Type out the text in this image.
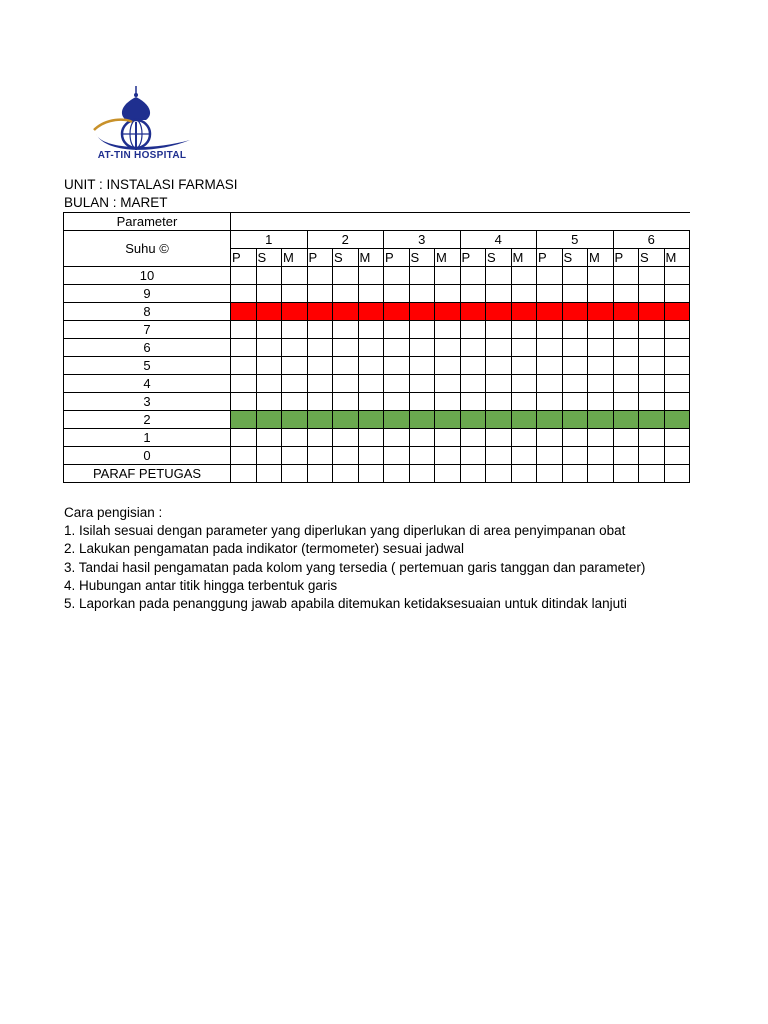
AT-TIN HOSPITAL
UNIT : INSTALASI FARMASI
BULAN : MARET
Parameter																		
Suhu ©	1			2			3			4			5			6		
	P	S	M	P	S	M	P	S	M	P	S	M	P	S	M	P	S	M
10																		
9																		
8																		
7																		
6																		
5																		
4																		
3																		
2																		
1																		
0																		
PARAF PETUGAS																		
Cara pengisian :
1. Isilah sesuai dengan parameter yang diperlukan yang diperlukan di area penyimpanan obat
2. Lakukan pengamatan pada indikator (termometer) sesuai jadwal
3. Tandai hasil pengamatan pada kolom yang tersedia ( pertemuan garis tanggan dan parameter)
4. Hubungan antar titik hingga terbentuk garis
5. Laporkan pada penanggung jawab apabila ditemukan ketidaksesuaian untuk ditindak lanjuti
